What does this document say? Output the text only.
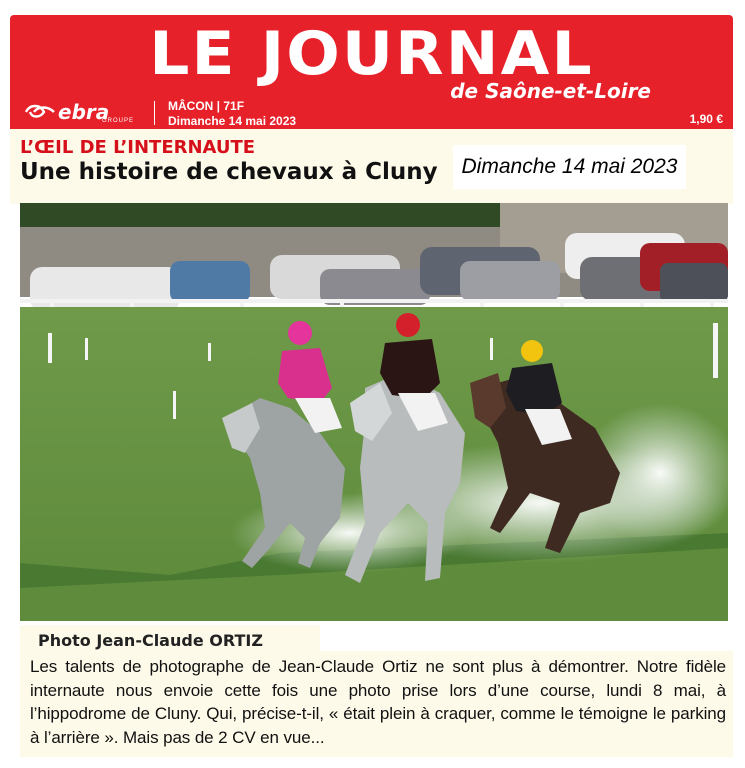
LE JOURNAL
de Saône-et-Loire
ebra
GROUPE
MÂCON | 71F
Dimanche 14 mai 2023	1,90 €
L’ŒIL DE L’INTERNAUTE
Une histoire de chevaux à Cluny	Dimanche 14 mai 2023
Photo Jean-Claude ORTIZ
Les talents de photographe de Jean-Claude Ortiz ne sont plus à démontrer. Notre fidèle internaute nous envoie cette fois une photo prise lors d’une course, lundi 8 mai, à l’hippodrome de Cluny. Qui, précise-t-il, « était plein à craquer, comme le témoigne le parking à l’arrière ». Mais pas de 2 CV en vue...
